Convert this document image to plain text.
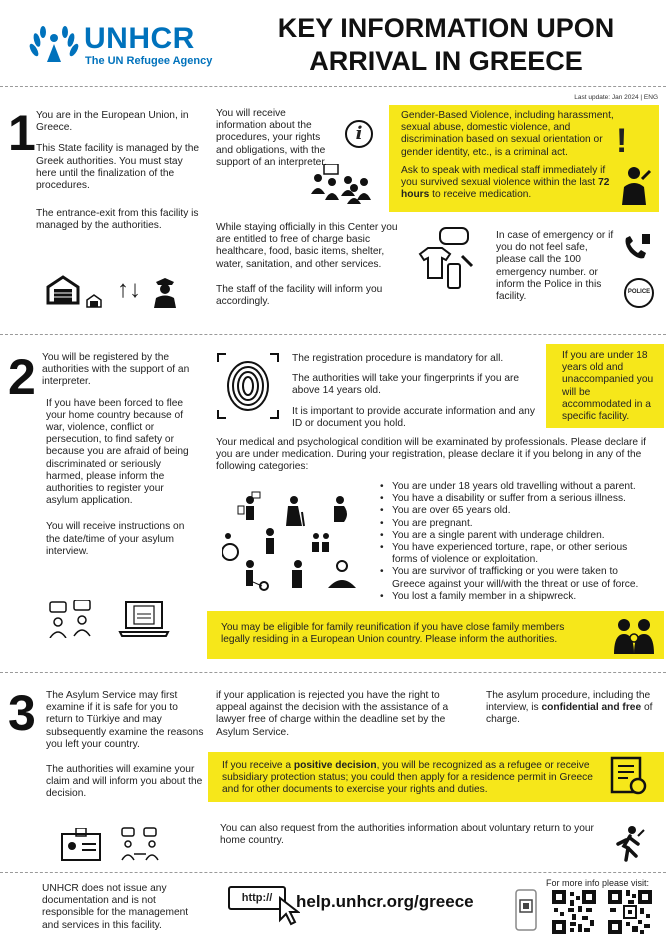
UNHCR
The UN Refugee Agency
KEY INFORMATION UPON
ARRIVAL IN GREECE
Last update: Jan 2024 | ENG
1 You are in the European Union, in Greece.

This State facility is managed by the Greek authorities. You must stay here until the finalization of the procedures.

The entrance-exit from this facility is managed by the authorities.

↑↓
You will receive information about the procedures, your rights and obligations, with the support of an interpreter.
i

Gender-Based Violence, including harassment, sexual abuse, domestic violence, and discrimination based on sexual orientation or gender identity, etc., is a criminal act.

Ask to speak with medical staff immediately if you survived sexual violence within the last 72 hours to receive medication.

!

While staying officially in this Center you are entitled to free of charge basic healthcare, food, basic items, shelter, water, sanitation, and other services.

The staff of the facility will inform you accordingly.

In case of emergency or if you do not feel safe, please call the 100 emergency number. or inform the Police in this facility.	POLICE
2 You will be registered by the authorities with the support of an interpreter.

If you have been forced to flee your home country because of war, violence, conflict or persecution, to find safety or because you are afraid of being discriminated or seriously harmed, please inform the authorities to register your asylum application.

You will receive instructions on the date/time of your asylum interview.

The registration procedure is mandatory for all.

The authorities will take your fingerprints if you are above 14 years old.

It is important to provide accurate information and any ID or document you hold.

If you are under 18 years old and unaccompanied you will be accommodated in a specific facility.
Your medical and psychological condition will be examinated by professionals. Please declare if you are under medication. During your registration, please declare it if you belong in any of the following categories:
• You are under 18 years old travelling without a parent.
• You have a disability or suffer from a serious illness.
• You are over 65 years old.
• You are pregnant.
• You are a single parent with underage children.
• You have experienced torture, rape, or other serious forms of violence or exploitation.
• You are survivor of trafficking or you were taken to Greece against your will/with the threat or use of force.
• You lost a family member in a shipwreck.
You may be eligible for family reunification if you have close family members legally residing in a European Union country. Please inform the authorities.
3 The Asylum Service may first examine if it is safe for you to return to Türkiye and may subsequently examine the reasons you left your country.

The authorities will examine your claim and will inform you about the decision.

if your application is rejected you have the right to appeal against the decision with the assistance of a lawyer free of charge within the deadline set by the Asylum Service.
The asylum procedure, including the interview, is confidential and free of charge.
If you receive a positive decision, you will be recognized as a refugee or receive subsidiary protection status; you could then apply for a residence permit in Greece and for other documents to exercise your rights and duties.
You can also request from the authorities information about voluntary return to your home country.
UNHCR does not issue any documentation and is not responsible for the management and services in this facility.
http://	help.unhcr.org/greece
For more info please visit:
